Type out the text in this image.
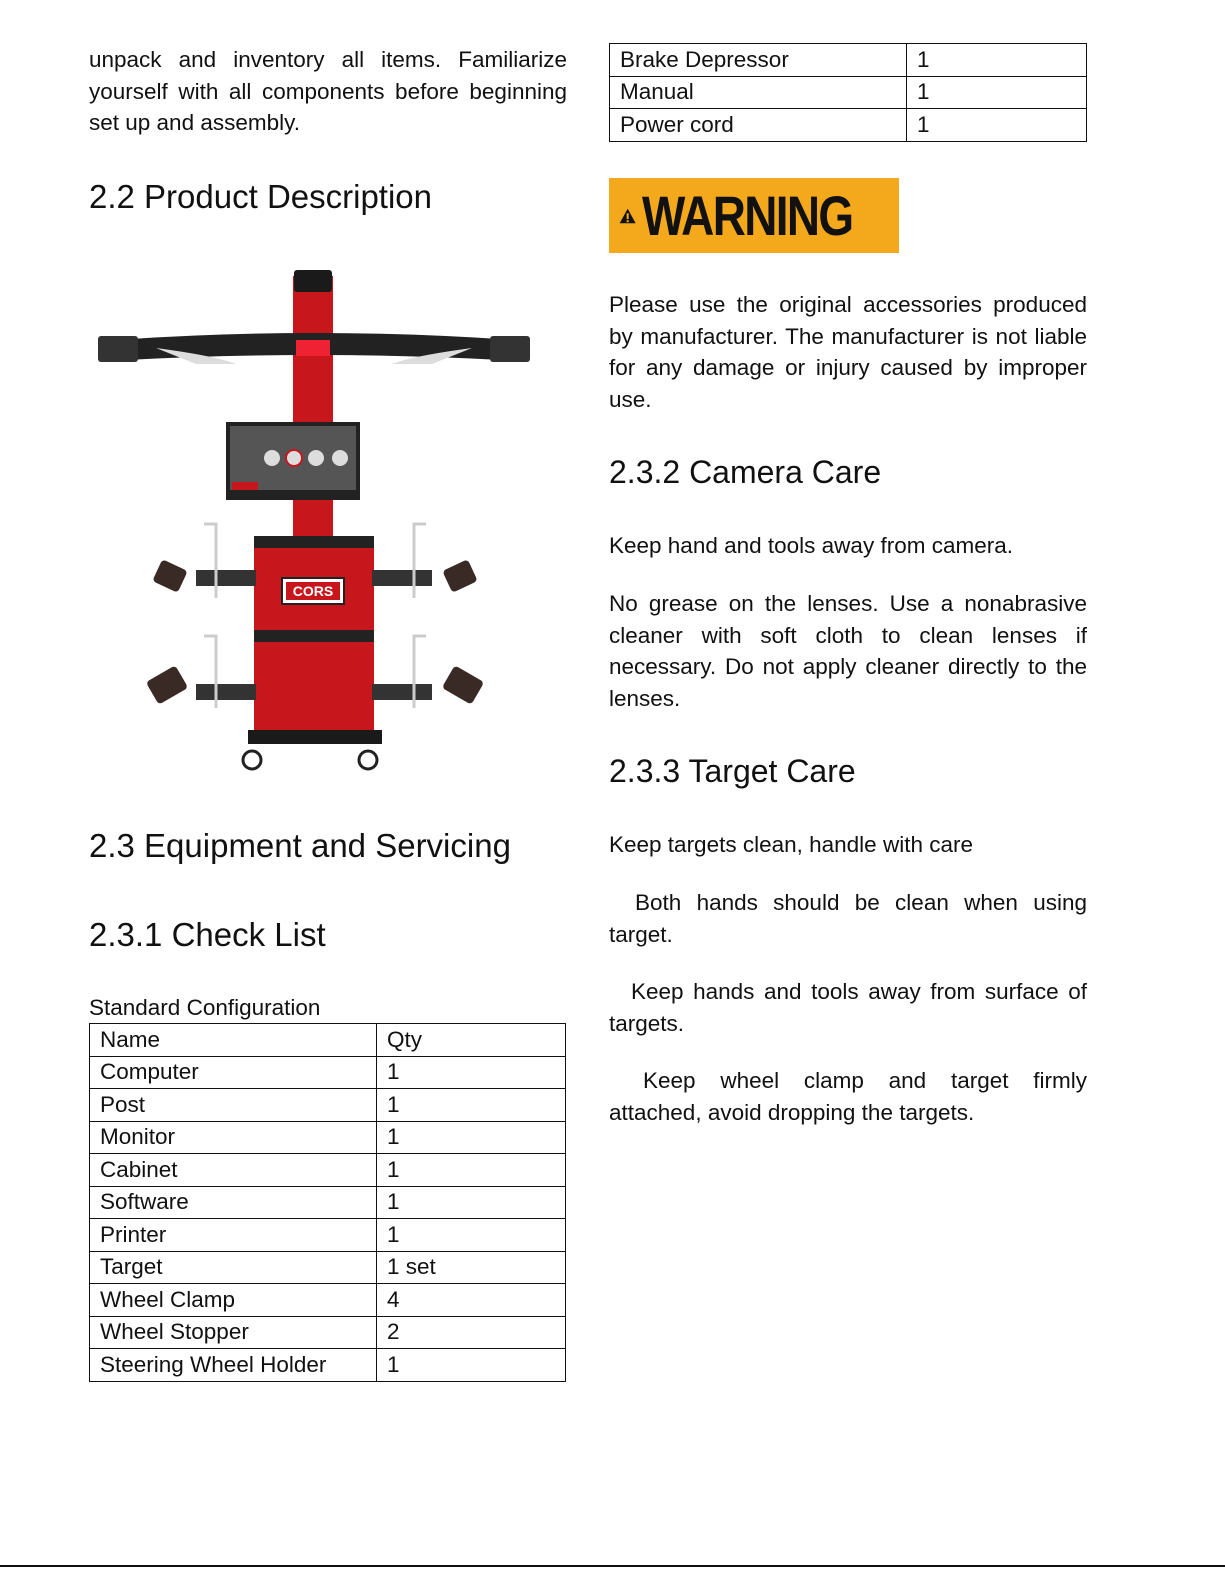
unpack and inventory all items. Familiarize yourself with all components before beginning set up and assembly.

2.2 Product Description
2.3 Equipment and Servicing
2.3.1 Check List

Standard Configuration

CORS
Name	Qty
Computer	1
Post	1
Monitor	1
Cabinet	1
Software	1
Printer	1
Target	1 set
Wheel Clamp	4
Wheel Stopper	2
Steering Wheel Holder	1
Brake Depressor	1
Manual	1
Power cord	1
WARNING

Please use the original accessories produced by manufacturer. The manufacturer is not liable for any damage or injury caused by improper use.

2.3.2 Camera Care

Keep hand and tools away from camera.

No grease on the lenses. Use a nonabrasive cleaner with soft cloth to clean lenses if necessary. Do not apply cleaner directly to the lenses.

2.3.3 Target Care

Keep targets clean, handle with care

Both hands should be clean when using target.

Keep hands and tools away from surface of targets.

Keep wheel clamp and target firmly attached, avoid dropping the targets.
